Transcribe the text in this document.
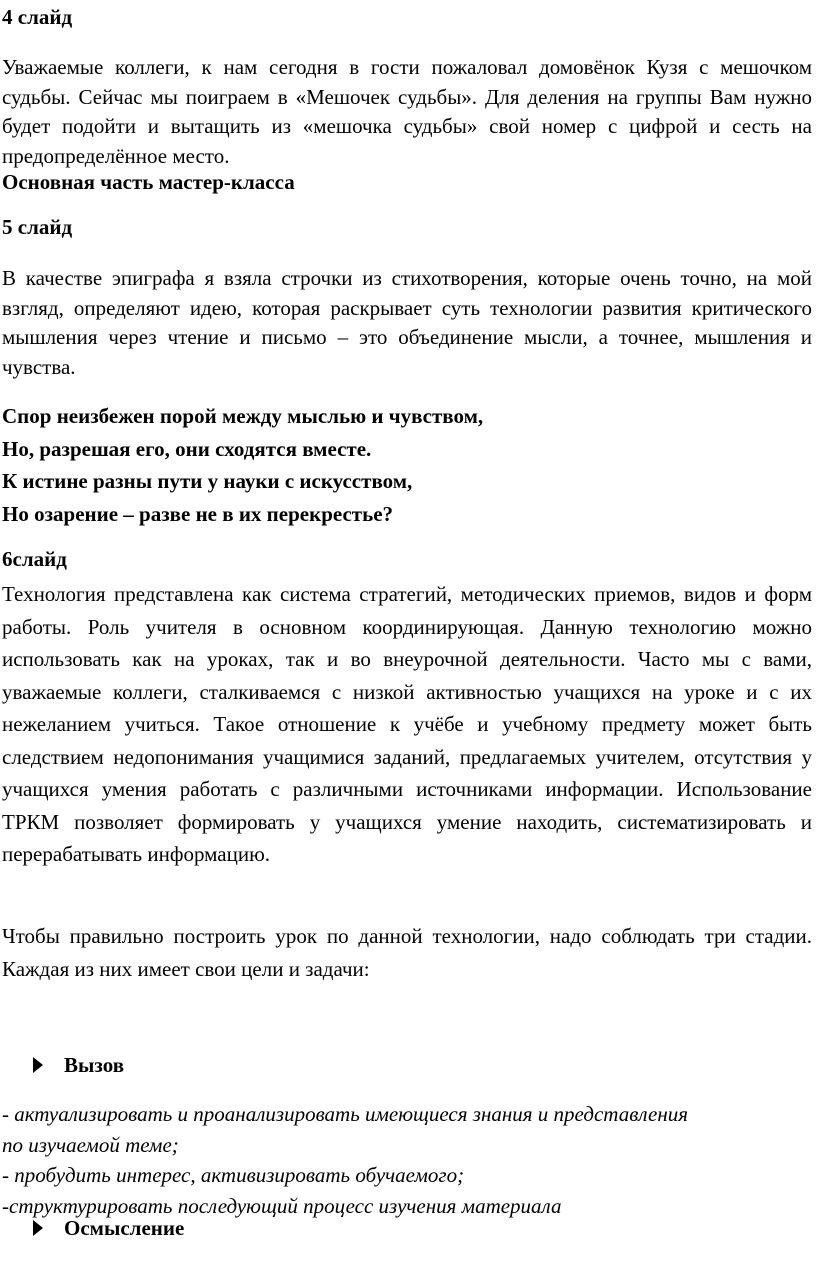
4 слайд

Уважаемые коллеги, к нам сегодня в гости пожаловал домовёнок Кузя с мешочком судьбы. Сейчас мы поиграем в «Мешочек судьбы». Для деления на группы Вам нужно будет подойти и вытащить из «мешочка судьбы» свой номер с цифрой и сесть на предопределённое место.

Основная часть мастер-класса
5 слайд

В качестве эпиграфа я взяла строчки из стихотворения, которые очень точно, на мой взгляд, определяют идею, которая раскрывает суть технологии развития критического мышления через чтение и письмо – это объединение мысли, а точнее, мышления и чувства.

Спор неизбежен порой между мыслью и чувством,
Но, разрешая его, они сходятся вместе.
К истине разны пути у науки с искусством,
Но озарение – разве не в их перекрестье?
6слайд

Технология представлена как система стратегий, методических приемов, видов и форм работы. Роль учителя в основном координирующая. Данную технологию можно использовать как на уроках, так и во внеурочной деятельности. Часто мы с вами, уважаемые коллеги, сталкиваемся с низкой активностью учащихся на уроке и с их нежеланием учиться. Такое отношение к учёбе и учебному предмету может быть следствием недопонимания учащимися заданий, предлагаемых учителем, отсутствия у учащихся умения работать с различными источниками информации. Использование ТРКМ позволяет формировать у учащихся умение находить, систематизировать и перерабатывать информацию.

Чтобы правильно построить урок по данной технологии, надо соблюдать три стадии. Каждая из них имеет свои цели и задачи:

Вызов
- актуализировать и проанализировать имеющиеся знания и представления
по изучаемой теме;
- пробудить интерес, активизировать обучаемого;
-структурировать последующий процесс изучения материала
Осмысление
